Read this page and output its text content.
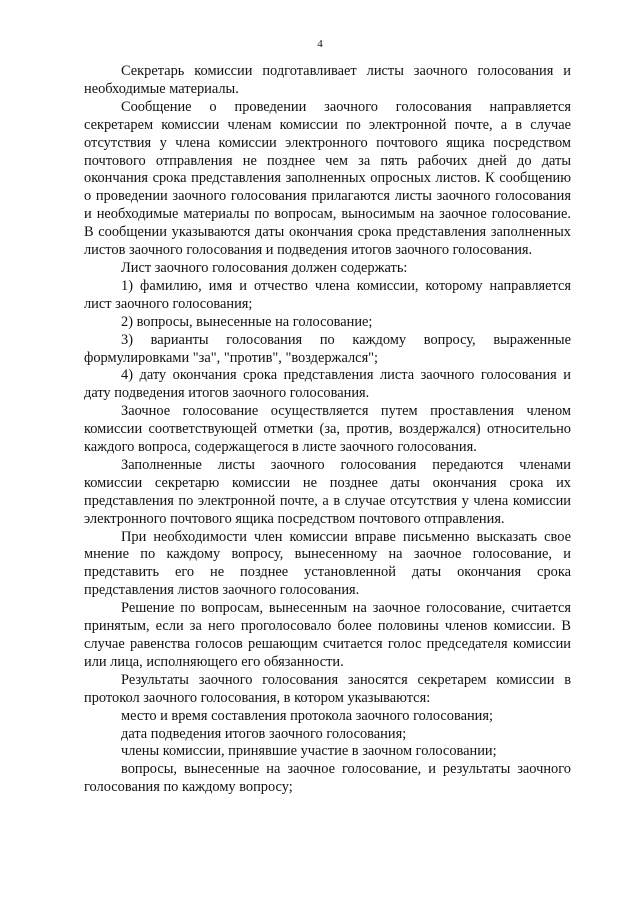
4

Секретарь комиссии подготавливает листы заочного голосования и необходимые материалы.

Сообщение о проведении заочного голосования направляется секретарем комиссии членам комиссии по электронной почте, а в случае отсутствия у члена комиссии электронного почтового ящика посредством почтового отправления не позднее чем за пять рабочих дней до даты окончания срока представления заполненных опросных листов. К сообщению о проведении заочного голосования прилагаются листы заочного голосования и необходимые материалы по вопросам, выносимым на заочное голосование. В сообщении указываются даты окончания срока представления заполненных листов заочного голосования и подведения итогов заочного голосования.

Лист заочного голосования должен содержать:

1) фамилию, имя и отчество члена комиссии, которому направляется лист заочного голосования;

2) вопросы, вынесенные на голосование;

3) варианты голосования по каждому вопросу, выраженные формулировками "за", "против", "воздержался";

4) дату окончания срока представления листа заочного голосования и дату подведения итогов заочного голосования.

Заочное голосование осуществляется путем проставления членом комиссии соответствующей отметки (за, против, воздержался) относительно каждого вопроса, содержащегося в листе заочного голосования.

Заполненные листы заочного голосования передаются членами комиссии секретарю комиссии не позднее даты окончания срока их представления по электронной почте, а в случае отсутствия у члена комиссии электронного почтового ящика посредством почтового отправления.

При необходимости член комиссии вправе письменно высказать свое мнение по каждому вопросу, вынесенному на заочное голосование, и представить его не позднее установленной даты окончания срока представления листов заочного голосования.

Решение по вопросам, вынесенным на заочное голосование, считается принятым, если за него проголосовало более половины членов комиссии. В случае равенства голосов решающим считается голос председателя комиссии или лица, исполняющего его обязанности.

Результаты заочного голосования заносятся секретарем комиссии в протокол заочного голосования, в котором указываются:

место и время составления протокола заочного голосования;

дата подведения итогов заочного голосования;

члены комиссии, принявшие участие в заочном голосовании;

вопросы, вынесенные на заочное голосование, и результаты заочного голосования по каждому вопросу;
